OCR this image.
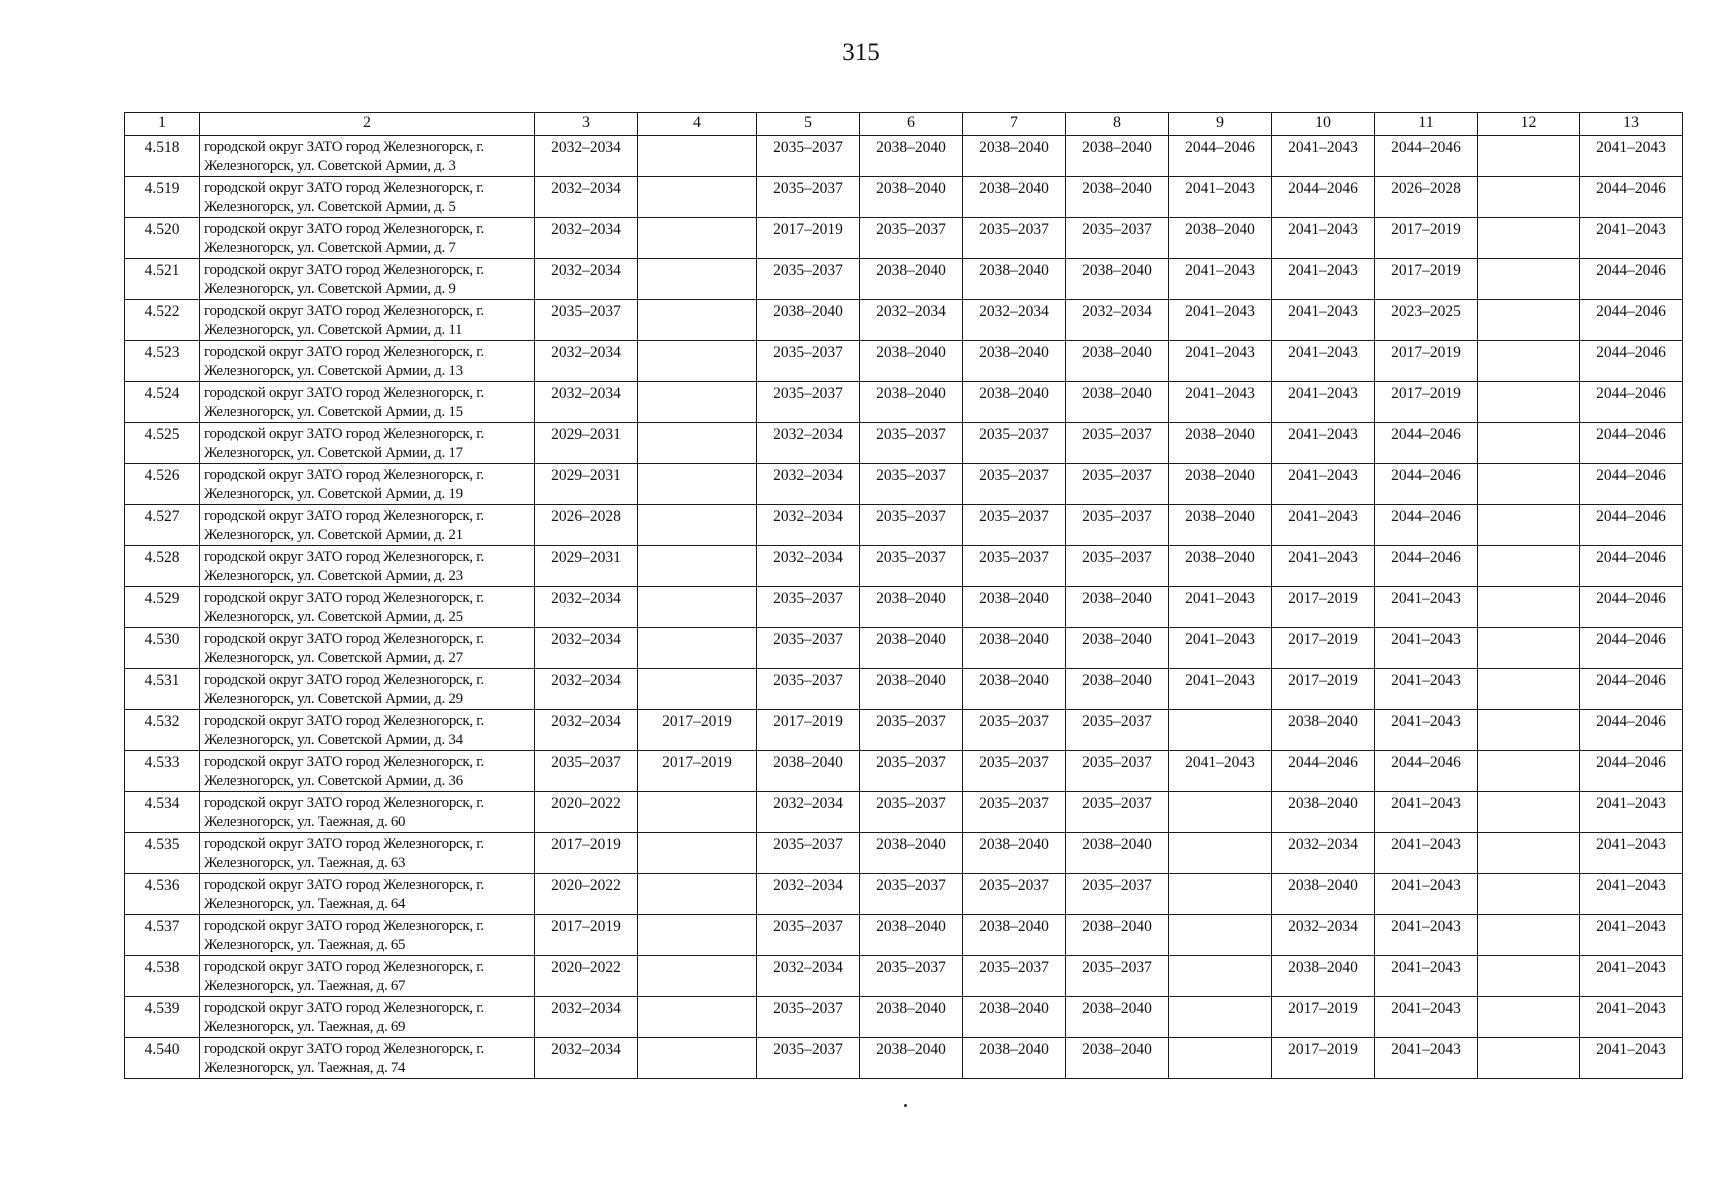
315
1	2	3	4	5	6	7	8	9	10	11	12	13
4.518	городской округ ЗАТО город Железногорск, г. Железногорск, ул. Советской Армии, д. 3	2032–2034		2035–2037	2038–2040	2038–2040	2038–2040	2044–2046	2041–2043	2044–2046		2041–2043
4.519	городской округ ЗАТО город Железногорск, г. Железногорск, ул. Советской Армии, д. 5	2032–2034		2035–2037	2038–2040	2038–2040	2038–2040	2041–2043	2044–2046	2026–2028		2044–2046
4.520	городской округ ЗАТО город Железногорск, г. Железногорск, ул. Советской Армии, д. 7	2032–2034		2017–2019	2035–2037	2035–2037	2035–2037	2038–2040	2041–2043	2017–2019		2041–2043
4.521	городской округ ЗАТО город Железногорск, г. Железногорск, ул. Советской Армии, д. 9	2032–2034		2035–2037	2038–2040	2038–2040	2038–2040	2041–2043	2041–2043	2017–2019		2044–2046
4.522	городской округ ЗАТО город Железногорск, г. Железногорск, ул. Советской Армии, д. 11	2035–2037		2038–2040	2032–2034	2032–2034	2032–2034	2041–2043	2041–2043	2023–2025		2044–2046
4.523	городской округ ЗАТО город Железногорск, г. Железногорск, ул. Советской Армии, д. 13	2032–2034		2035–2037	2038–2040	2038–2040	2038–2040	2041–2043	2041–2043	2017–2019		2044–2046
4.524	городской округ ЗАТО город Железногорск, г. Железногорск, ул. Советской Армии, д. 15	2032–2034		2035–2037	2038–2040	2038–2040	2038–2040	2041–2043	2041–2043	2017–2019		2044–2046
4.525	городской округ ЗАТО город Железногорск, г. Железногорск, ул. Советской Армии, д. 17	2029–2031		2032–2034	2035–2037	2035–2037	2035–2037	2038–2040	2041–2043	2044–2046		2044–2046
4.526	городской округ ЗАТО город Железногорск, г. Железногорск, ул. Советской Армии, д. 19	2029–2031		2032–2034	2035–2037	2035–2037	2035–2037	2038–2040	2041–2043	2044–2046		2044–2046
4.527	городской округ ЗАТО город Железногорск, г. Железногорск, ул. Советской Армии, д. 21	2026–2028		2032–2034	2035–2037	2035–2037	2035–2037	2038–2040	2041–2043	2044–2046		2044–2046
4.528	городской округ ЗАТО город Железногорск, г. Железногорск, ул. Советской Армии, д. 23	2029–2031		2032–2034	2035–2037	2035–2037	2035–2037	2038–2040	2041–2043	2044–2046		2044–2046
4.529	городской округ ЗАТО город Железногорск, г. Железногорск, ул. Советской Армии, д. 25	2032–2034		2035–2037	2038–2040	2038–2040	2038–2040	2041–2043	2017–2019	2041–2043		2044–2046
4.530	городской округ ЗАТО город Железногорск, г. Железногорск, ул. Советской Армии, д. 27	2032–2034		2035–2037	2038–2040	2038–2040	2038–2040	2041–2043	2017–2019	2041–2043		2044–2046
4.531	городской округ ЗАТО город Железногорск, г. Железногорск, ул. Советской Армии, д. 29	2032–2034		2035–2037	2038–2040	2038–2040	2038–2040	2041–2043	2017–2019	2041–2043		2044–2046
4.532	городской округ ЗАТО город Железногорск, г. Железногорск, ул. Советской Армии, д. 34	2032–2034	2017–2019	2017–2019	2035–2037	2035–2037	2035–2037		2038–2040	2041–2043		2044–2046
4.533	городской округ ЗАТО город Железногорск, г. Железногорск, ул. Советской Армии, д. 36	2035–2037	2017–2019	2038–2040	2035–2037	2035–2037	2035–2037	2041–2043	2044–2046	2044–2046		2044–2046
4.534	городской округ ЗАТО город Железногорск, г. Железногорск, ул. Таежная, д. 60	2020–2022		2032–2034	2035–2037	2035–2037	2035–2037		2038–2040	2041–2043		2041–2043
4.535	городской округ ЗАТО город Железногорск, г. Железногорск, ул. Таежная, д. 63	2017–2019		2035–2037	2038–2040	2038–2040	2038–2040		2032–2034	2041–2043		2041–2043
4.536	городской округ ЗАТО город Железногорск, г. Железногорск, ул. Таежная, д. 64	2020–2022		2032–2034	2035–2037	2035–2037	2035–2037		2038–2040	2041–2043		2041–2043
4.537	городской округ ЗАТО город Железногорск, г. Железногорск, ул. Таежная, д. 65	2017–2019		2035–2037	2038–2040	2038–2040	2038–2040		2032–2034	2041–2043		2041–2043
4.538	городской округ ЗАТО город Железногорск, г. Железногорск, ул. Таежная, д. 67	2020–2022		2032–2034	2035–2037	2035–2037	2035–2037		2038–2040	2041–2043		2041–2043
4.539	городской округ ЗАТО город Железногорск, г. Железногорск, ул. Таежная, д. 69	2032–2034		2035–2037	2038–2040	2038–2040	2038–2040		2017–2019	2041–2043		2041–2043
4.540	городской округ ЗАТО город Железногорск, г. Железногорск, ул. Таежная, д. 74	2032–2034		2035–2037	2038–2040	2038–2040	2038–2040		2017–2019	2041–2043		2041–2043
